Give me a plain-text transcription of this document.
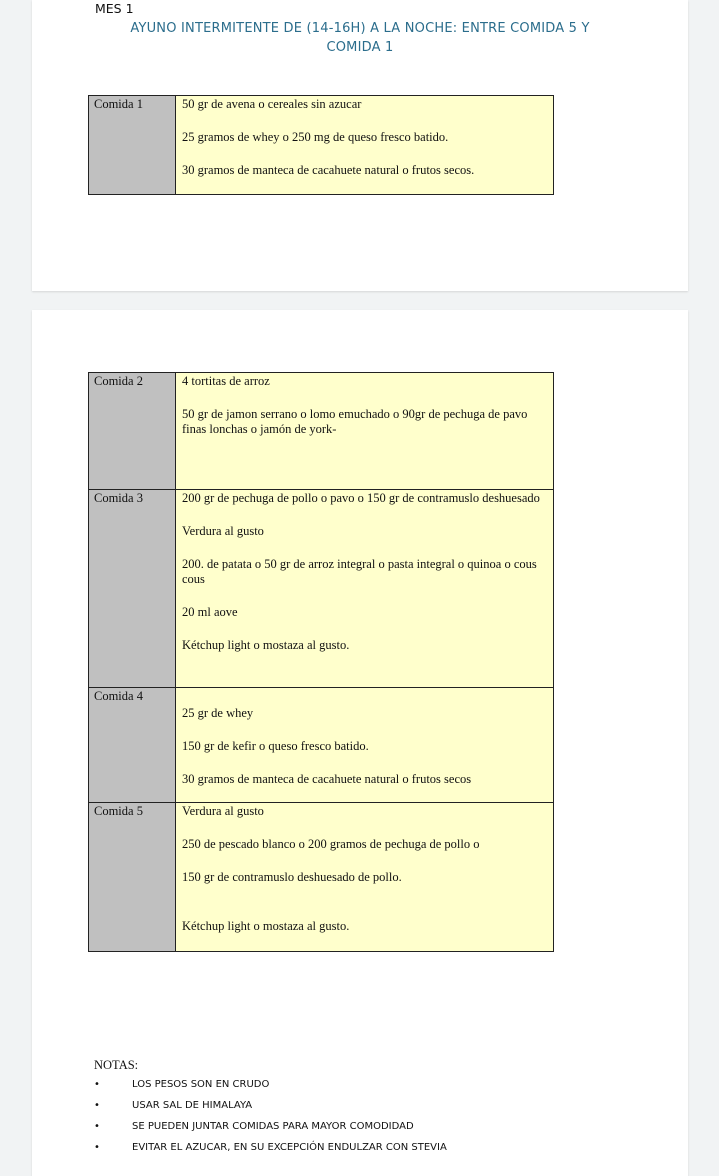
MES 1
AYUNO INTERMITENTE DE (14-16H) A LA NOCHE: ENTRE COMIDA 5 Y
COMIDA 1
Comida 1	50 gr de avena o cereales sin azucar
25 gramos de whey o 250 mg de queso fresco batido.
30 gramos de manteca de cacahuete natural o frutos secos.
Comida 2	4 tortitas de arroz
50 gr de jamon serrano o lomo emuchado o 90gr de pechuga de pavo finas lonchas o jamón de york-

Comida 3	200 gr de pechuga de pollo o pavo o 150 gr de contramuslo deshuesado
Verdura al gusto
200. de patata o 50 gr de arroz integral o pasta integral o quinoa o cous cous
20 ml aove
Kétchup light o mostaza al gusto.

Comida 4	25 gr de whey
150 gr de kefir o queso fresco batido.
30 gramos de manteca de cacahuete natural o frutos secos

Comida 5	Verdura al gusto
250 de pescado blanco o 200 gramos de pechuga de pollo o
150 gr de contramuslo deshuesado de pollo.
Kétchup light o mostaza al gusto.
NOTAS:
•	LOS PESOS SON EN CRUDO
•	USAR SAL DE HIMALAYA
•	SE PUEDEN JUNTAR COMIDAS PARA MAYOR COMODIDAD
•	EVITAR EL AZUCAR, EN SU EXCEPCIÓN ENDULZAR CON STEVIA
